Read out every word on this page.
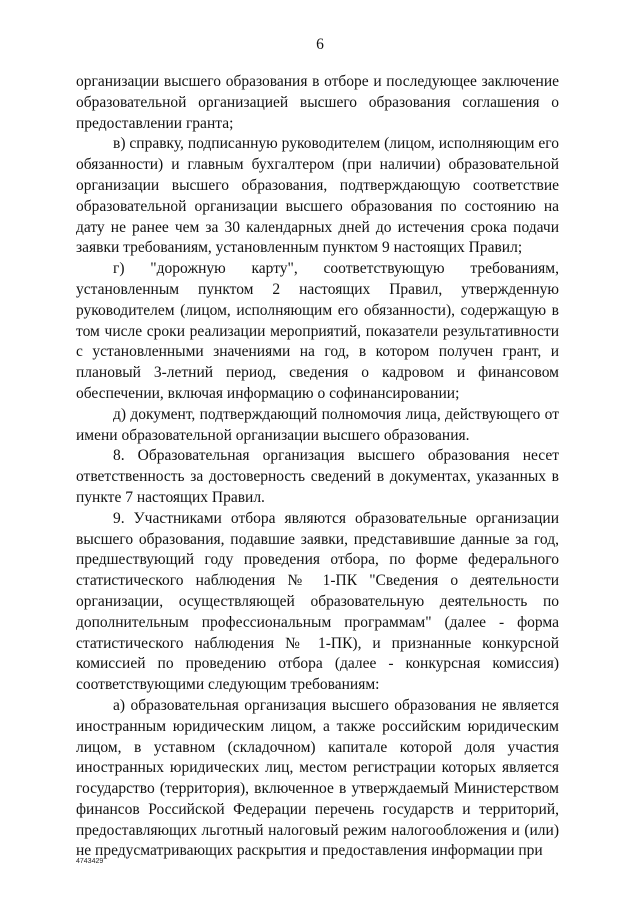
6

организации высшего образования в отборе и последующее заключение образовательной организацией высшего образования соглашения о предоставлении гранта;

в) справку, подписанную руководителем (лицом, исполняющим его обязанности) и главным бухгалтером (при наличии) образовательной организации высшего образования, подтверждающую соответствие образовательной организации высшего образования по состоянию на дату не ранее чем за 30 календарных дней до истечения срока подачи заявки требованиям, установленным пунктом 9 настоящих Правил;

г) "дорожную карту", соответствующую требованиям, установленным пунктом 2 настоящих Правил, утвержденную руководителем (лицом, исполняющим его обязанности), содержащую в том числе сроки реализации мероприятий, показатели результативности с установленными значениями на год, в котором получен грант, и плановый 3-летний период, сведения о кадровом и финансовом обеспечении, включая информацию о софинансировании;

д) документ, подтверждающий полномочия лица, действующего от имени образовательной организации высшего образования.

8. Образовательная организация высшего образования несет ответственность за достоверность сведений в документах, указанных в пункте 7 настоящих Правил.

9. Участниками отбора являются образовательные организации высшего образования, подавшие заявки, представившие данные за год, предшествующий году проведения отбора, по форме федерального статистического наблюдения № 1-ПК "Сведения о деятельности организации, осуществляющей образовательную деятельность по дополнительным профессиональным программам" (далее - форма статистического наблюдения № 1-ПК), и признанные конкурсной комиссией по проведению отбора (далее - конкурсная комиссия) соответствующими следующим требованиям:

а) образовательная организация высшего образования не является иностранным юридическим лицом, а также российским юридическим лицом, в уставном (складочном) капитале которой доля участия иностранных юридических лиц, местом регистрации которых является государство (территория), включенное в утверждаемый Министерством финансов Российской Федерации перечень государств и территорий, предоставляющих льготный налоговый режим налогообложения и (или) не предусматривающих раскрытия и предоставления информации при

4743429
